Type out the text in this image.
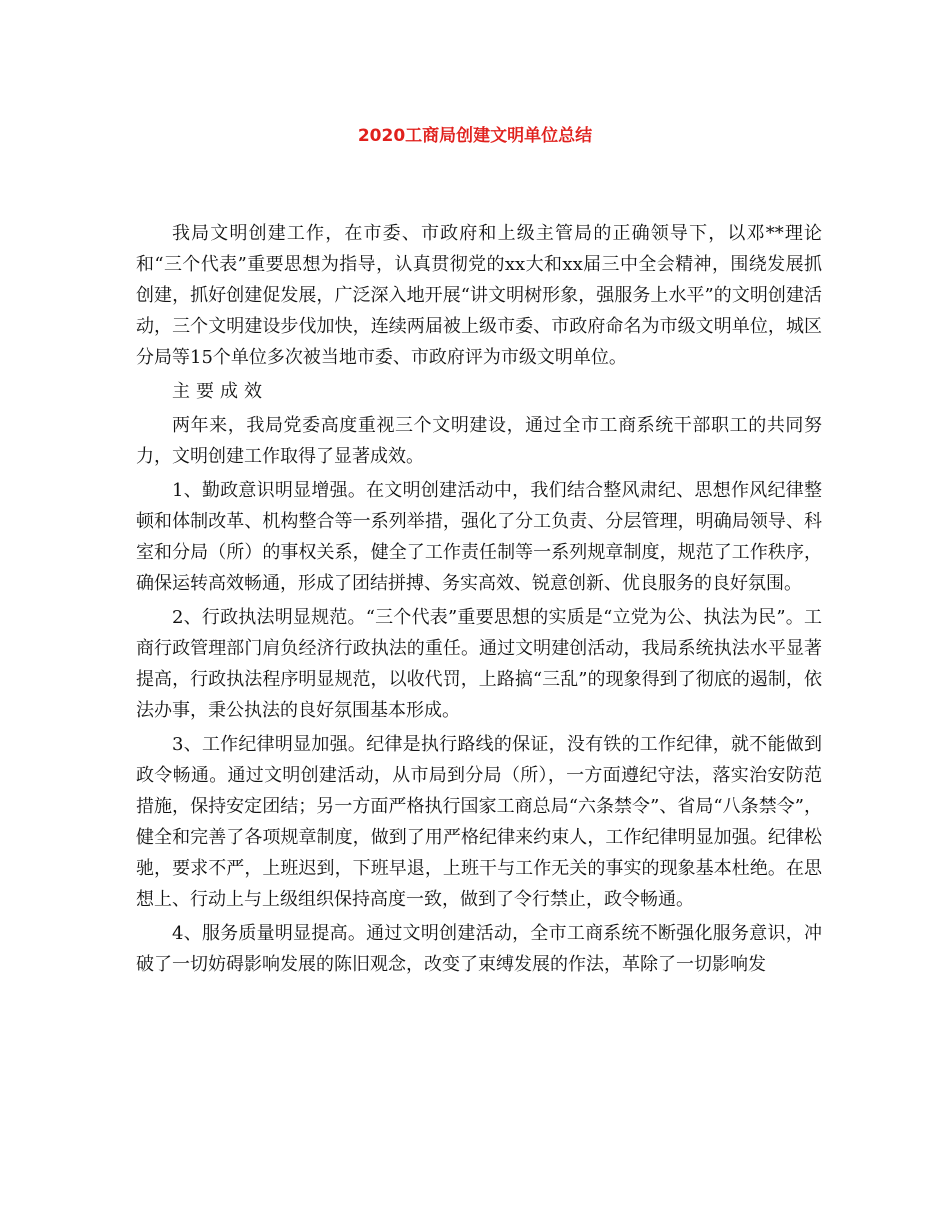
2020工商局创建文明单位总结

我局文明创建工作，在市委、市政府和上级主管局的正确领导下，以邓**理论和“三个代表”重要思想为指导，认真贯彻党的xx大和xx届三中全会精神，围绕发展抓创建，抓好创建促发展，广泛深入地开展“讲文明树形象，强服务上水平”的文明创建活动，三个文明建设步伐加快，连续两届被上级市委、市政府命名为市级文明单位，城区分局等15个单位多次被当地市委、市政府评为市级文明单位。

主要成效

两年来，我局党委高度重视三个文明建设，通过全市工商系统干部职工的共同努力，文明创建工作取得了显著成效。

1、勤政意识明显增强。在文明创建活动中，我们结合整风肃纪、思想作风纪律整顿和体制改革、机构整合等一系列举措，强化了分工负责、分层管理，明确局领导、科室和分局（所）的事权关系，健全了工作责任制等一系列规章制度，规范了工作秩序，确保运转高效畅通，形成了团结拼搏、务实高效、锐意创新、优良服务的良好氛围。

2、行政执法明显规范。“三个代表”重要思想的实质是“立党为公、执法为民”。工商行政管理部门肩负经济行政执法的重任。通过文明建创活动，我局系统执法水平显著提高，行政执法程序明显规范，以收代罚，上路搞“三乱”的现象得到了彻底的遏制，依法办事，秉公执法的良好氛围基本形成。

3、工作纪律明显加强。纪律是执行路线的保证，没有铁的工作纪律，就不能做到政令畅通。通过文明创建活动，从市局到分局（所），一方面遵纪守法，落实治安防范措施，保持安定团结；另一方面严格执行国家工商总局“六条禁令”、省局“八条禁令”，健全和完善了各项规章制度，做到了用严格纪律来约束人，工作纪律明显加强。纪律松驰，要求不严，上班迟到，下班早退，上班干与工作无关的事实的现象基本杜绝。在思想上、行动上与上级组织保持高度一致，做到了令行禁止，政令畅通。

4、服务质量明显提高。通过文明创建活动，全市工商系统不断强化服务意识，冲破了一切妨碍影响发展的陈旧观念，改变了束缚发展的作法，革除了一切影响发
